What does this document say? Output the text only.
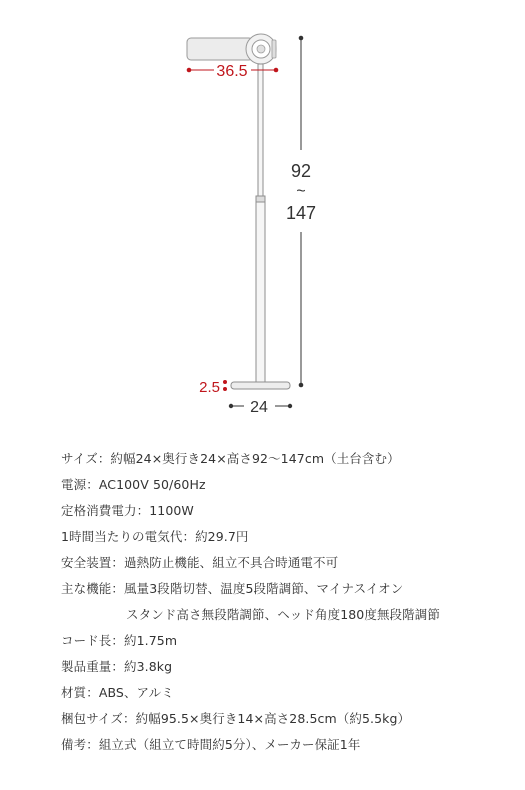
36.5
92
~
147
2.5
24
サイズ：約幅24×奥行き24×高さ92〜147cm（土台含む）
電源：AC100V 50/60Hz
定格消費電力：1100W
1時間当たりの電気代：約29.7円
安全装置：過熱防止機能、組立不具合時通電不可
主な機能：風量3段階切替、温度5段階調節、マイナスイオン
スタンド高さ無段階調節、ヘッド角度180度無段階調節
コード長：約1.75m
製品重量：約3.8kg
材質：ABS、アルミ
梱包サイズ：約幅95.5×奥行き14×高さ28.5cm（約5.5kg）
備考：組立式（組立て時間約5分）、メーカー保証1年
